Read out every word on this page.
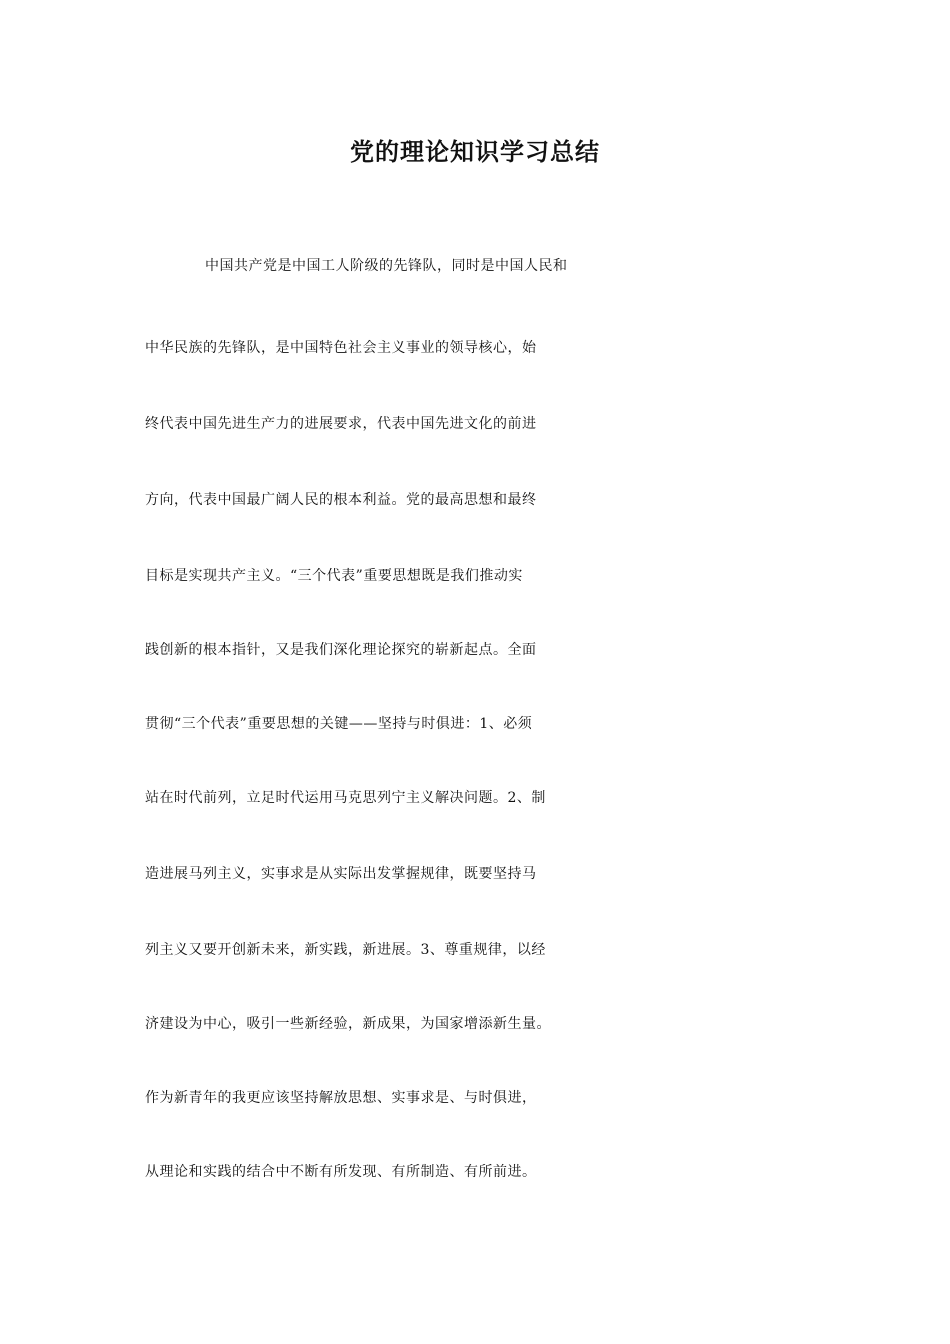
党的理论知识学习总结
中国共产党是中国工人阶级的先锋队，同时是中国人民和
中华民族的先锋队，是中国特色社会主义事业的领导核心，始
终代表中国先进生产力的进展要求，代表中国先进文化的前进
方向，代表中国最广阔人民的根本利益。党的最高思想和最终
目标是实现共产主义。“三个代表”重要思想既是我们推动实
践创新的根本指针，又是我们深化理论探究的崭新起点。全面
贯彻“三个代表”重要思想的关键——坚持与时俱进：1、必须
站在时代前列，立足时代运用马克思列宁主义解决问题。2、制
造进展马列主义，实事求是从实际出发掌握规律，既要坚持马
列主义又要开创新未来，新实践，新进展。3、尊重规律，以经
济建设为中心，吸引一些新经验，新成果，为国家增添新生量。
作为新青年的我更应该坚持解放思想、实事求是、与时俱进，
从理论和实践的结合中不断有所发现、有所制造、有所前进。
